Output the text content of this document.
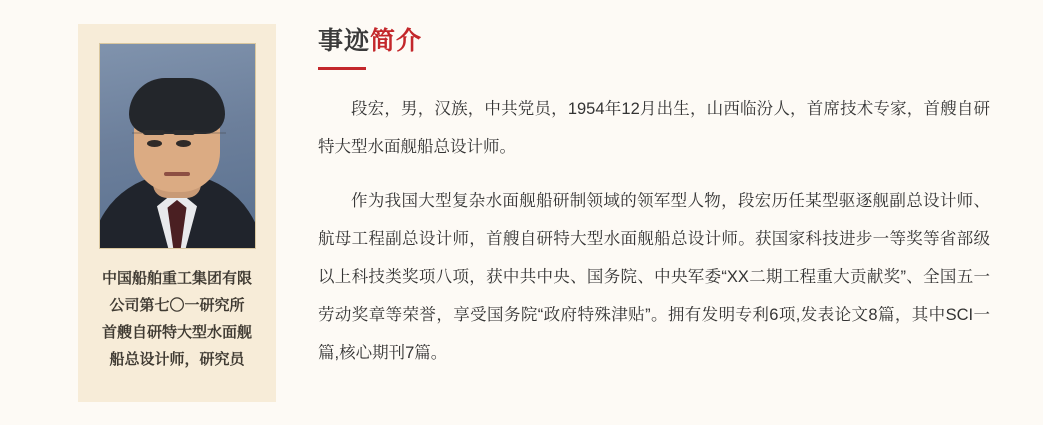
中国船舶重工集团有限
公司第七〇一研究所
首艘自研特大型水面舰
船总设计师，研究员
事迹简介

段宏，男，汉族，中共党员，1954年12月出生，山西临汾人，首席技术专家，首艘自研特大型水面舰船总设计师。

作为我国大型复杂水面舰船研制领域的领军型人物，段宏历任某型驱逐舰副总设计师、航母工程副总设计师，首艘自研特大型水面舰船总设计师。获国家科技进步一等奖等省部级以上科技类奖项八项，获中共中央、国务院、中央军委“XX二期工程重大贡献奖”、全国五一劳动奖章等荣誉，享受国务院“政府特殊津贴”。拥有发明专利6项,发表论文8篇，其中SCI一篇,核心期刊7篇。
